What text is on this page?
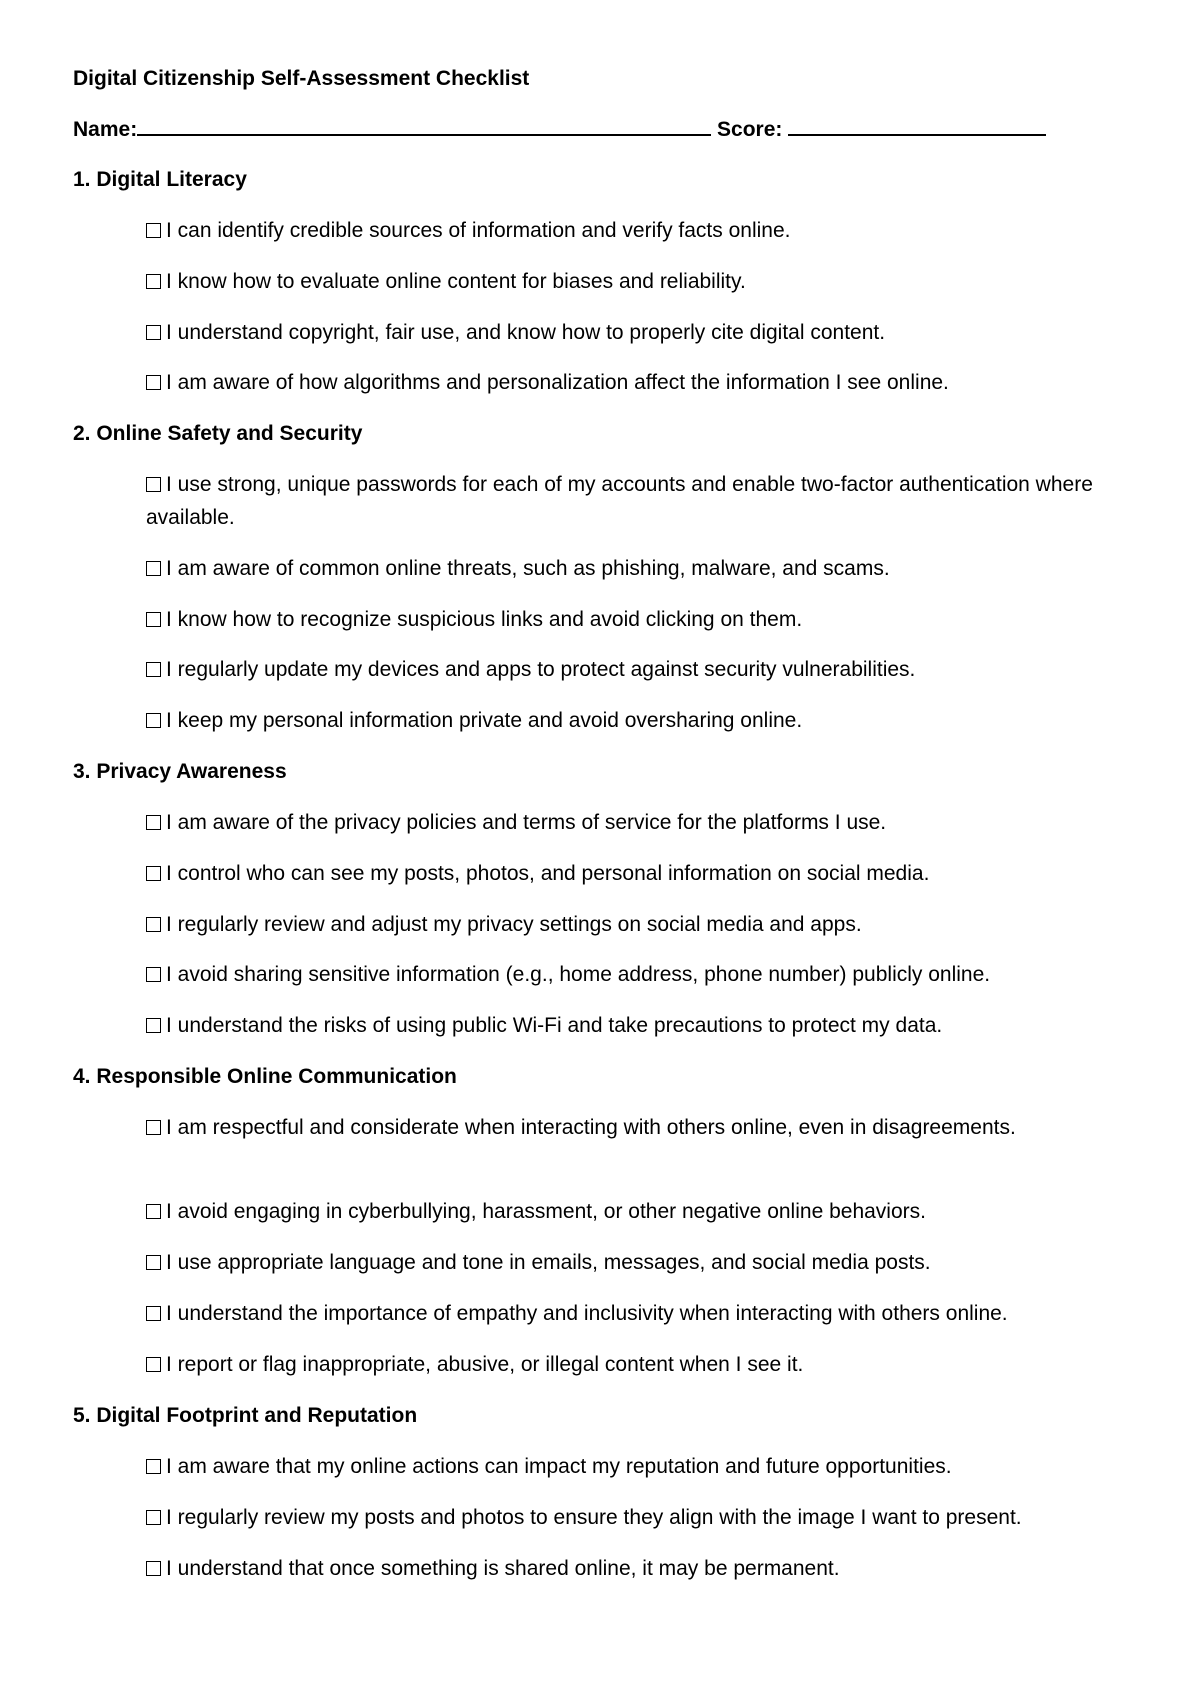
Digital Citizenship Self-Assessment Checklist
Name:	Score:
1. Digital Literacy
I can identify credible sources of information and verify facts online.
I know how to evaluate online content for biases and reliability.
I understand copyright, fair use, and know how to properly cite digital content.
I am aware of how algorithms and personalization affect the information I see online.
2. Online Safety and Security
I use strong, unique passwords for each of my accounts and enable two-factor authentication where available.
I am aware of common online threats, such as phishing, malware, and scams.
I know how to recognize suspicious links and avoid clicking on them.
I regularly update my devices and apps to protect against security vulnerabilities.
I keep my personal information private and avoid oversharing online.
3. Privacy Awareness
I am aware of the privacy policies and terms of service for the platforms I use.
I control who can see my posts, photos, and personal information on social media.
I regularly review and adjust my privacy settings on social media and apps.
I avoid sharing sensitive information (e.g., home address, phone number) publicly online.
I understand the risks of using public Wi-Fi and take precautions to protect my data.
4. Responsible Online Communication
I am respectful and considerate when interacting with others online, even in disagreements.
I avoid engaging in cyberbullying, harassment, or other negative online behaviors.
I use appropriate language and tone in emails, messages, and social media posts.
I understand the importance of empathy and inclusivity when interacting with others online.
I report or flag inappropriate, abusive, or illegal content when I see it.
5. Digital Footprint and Reputation
I am aware that my online actions can impact my reputation and future opportunities.
I regularly review my posts and photos to ensure they align with the image I want to present.
I understand that once something is shared online, it may be permanent.
